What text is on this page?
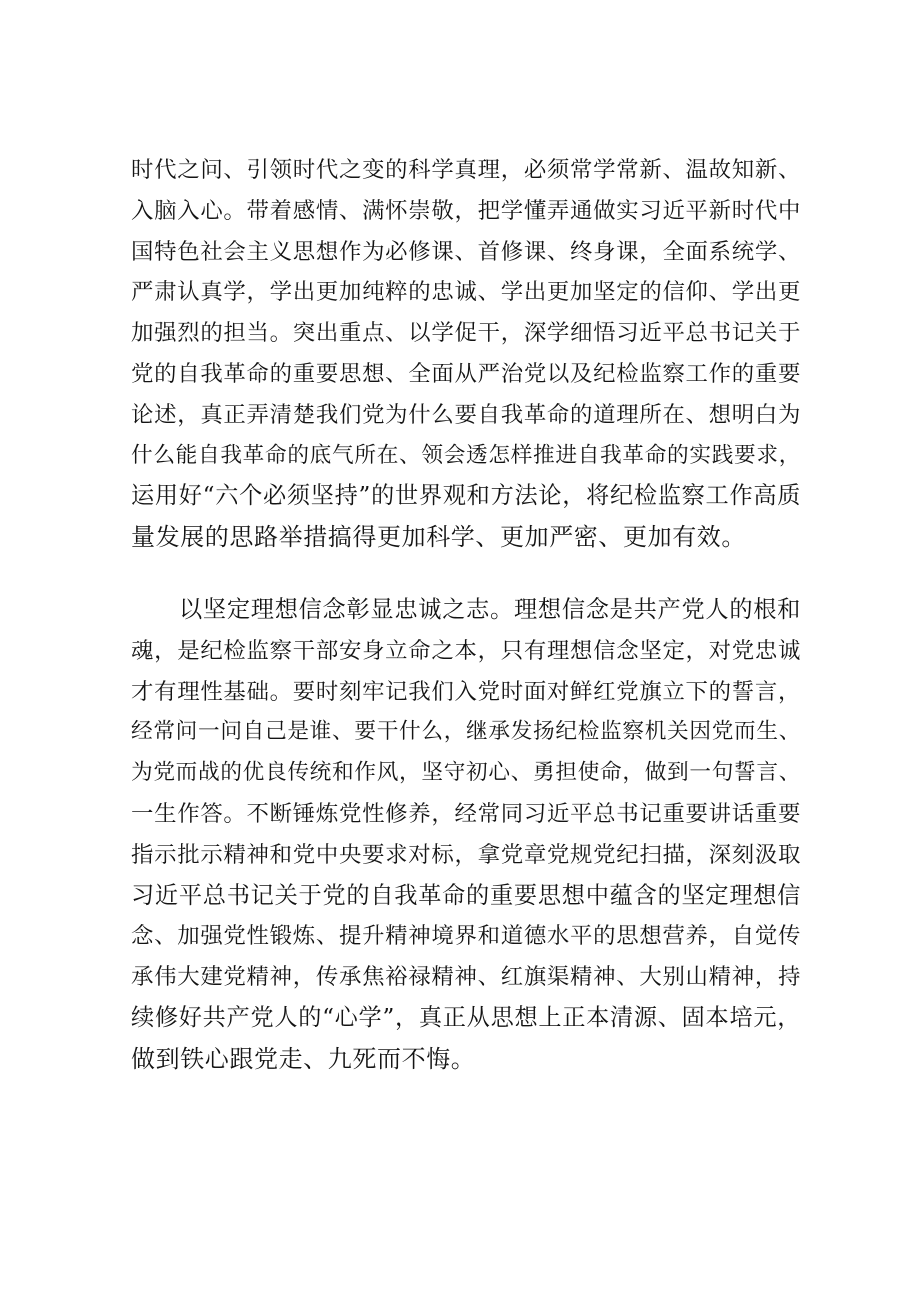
时代之问、引领时代之变的科学真理，必须常学常新、温故知新、
入脑入心。带着感情、满怀崇敬，把学懂弄通做实习近平新时代中
国特色社会主义思想作为必修课、首修课、终身课，全面系统学、
严肃认真学，学出更加纯粹的忠诚、学出更加坚定的信仰、学出更
加强烈的担当。突出重点、以学促干，深学细悟习近平总书记关于
党的自我革命的重要思想、全面从严治党以及纪检监察工作的重要
论述，真正弄清楚我们党为什么要自我革命的道理所在、想明白为
什么能自我革命的底气所在、领会透怎样推进自我革命的实践要求，
运用好“六个必须坚持”的世界观和方法论，将纪检监察工作高质
量发展的思路举措搞得更加科学、更加严密、更加有效。
以坚定理想信念彰显忠诚之志。理想信念是共产党人的根和
魂，是纪检监察干部安身立命之本，只有理想信念坚定，对党忠诚
才有理性基础。要时刻牢记我们入党时面对鲜红党旗立下的誓言，
经常问一问自己是谁、要干什么，继承发扬纪检监察机关因党而生、
为党而战的优良传统和作风，坚守初心、勇担使命，做到一句誓言、
一生作答。不断锤炼党性修养，经常同习近平总书记重要讲话重要
指示批示精神和党中央要求对标，拿党章党规党纪扫描，深刻汲取
习近平总书记关于党的自我革命的重要思想中蕴含的坚定理想信
念、加强党性锻炼、提升精神境界和道德水平的思想营养，自觉传
承伟大建党精神，传承焦裕禄精神、红旗渠精神、大别山精神，持
续修好共产党人的“心学”，真正从思想上正本清源、固本培元，
做到铁心跟党走、九死而不悔。
